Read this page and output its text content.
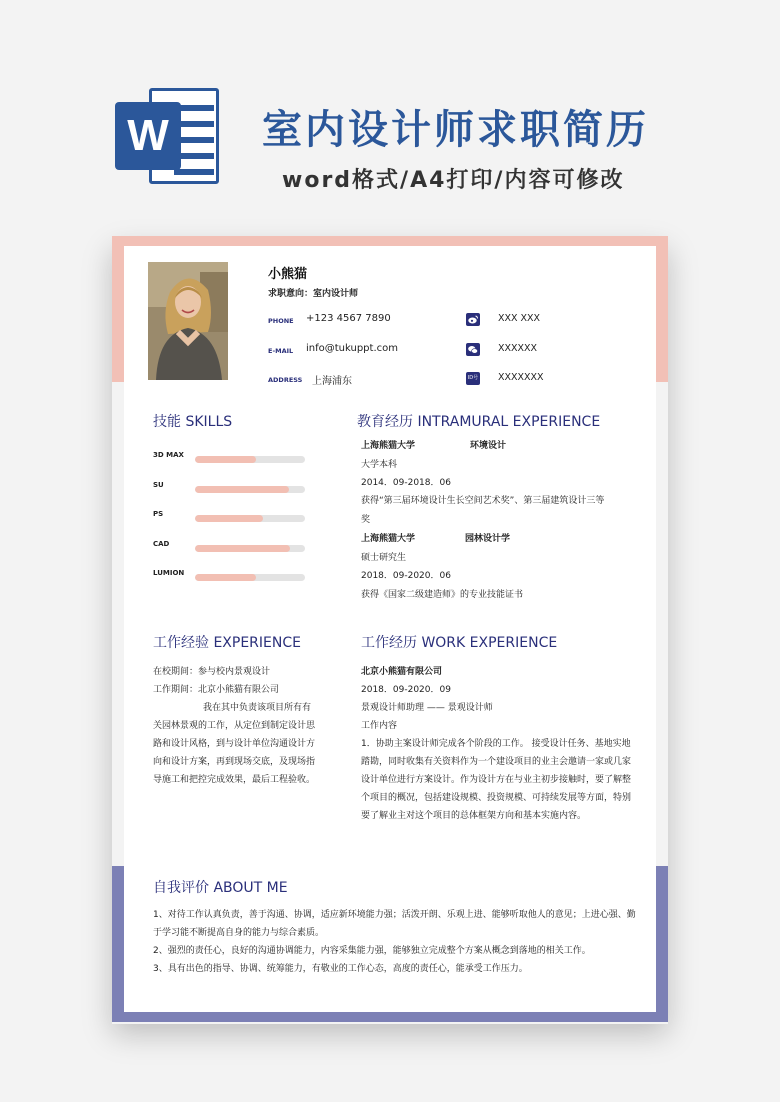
W	室内设计师求职简历
word格式/A4打印/内容可修改
小熊猫
求职意向：室内设计师
PHONE +123 4567 7890
E-MAIL info@tukuppt.com
ADDRESS 上海浦东
XXX XXX
XXXXXX
ID号 XXXXXXX
技能 SKILLS
3D MAX
SU
PS
CAD
LUMION
教育经历 INTRAMURAL EXPERIENCE
上海熊猫大学	环境设计
大学本科
2014．09-2018．06
获得“第三届环境设计生长空间艺术奖”、第三届建筑设计三等
奖
上海熊猫大学	园林设计学
硕士研究生
2018．09-2020．06
获得《国家二级建造师》的专业技能证书
工作经验 EXPERIENCE
在校期间：参与校内景观设计
工作期间：北京小熊猫有限公司
我在其中负责该项目所有有关园林景观的工作，从定位到制定设计思路和设计风格，到与设计单位沟通设计方向和设计方案，再到现场交底，及现场指导施工和把控完成效果，最后工程验收。
工作经历 WORK EXPERIENCE
北京小熊猫有限公司
2018．09-2020．09
景观设计师助理 —— 景观设计师
工作内容
1．协助主案设计师完成各个阶段的工作。 接受设计任务、基地实地踏勘，同时收集有关资料作为一个建设项目的业主会邀请一家或几家设计单位进行方案设计。作为设计方在与业主初步接触时，要了解整个项目的概况，包括建设规模、投资规模、可持续发展等方面，特别要了解业主对这个项目的总体框架方向和基本实施内容。
自我评价 ABOUT ME
1、对待工作认真负责，善于沟通、协调，适应新环境能力强；活泼开朗、乐观上进、能够听取他人的意见；上进心强、勤于学习能不断提高自身的能力与综合素质。
2、强烈的责任心，良好的沟通协调能力，内容采集能力强，能够独立完成整个方案从概念到落地的相关工作。
3、具有出色的指导、协调、统筹能力，有敬业的工作心态，高度的责任心，能承受工作压力。
